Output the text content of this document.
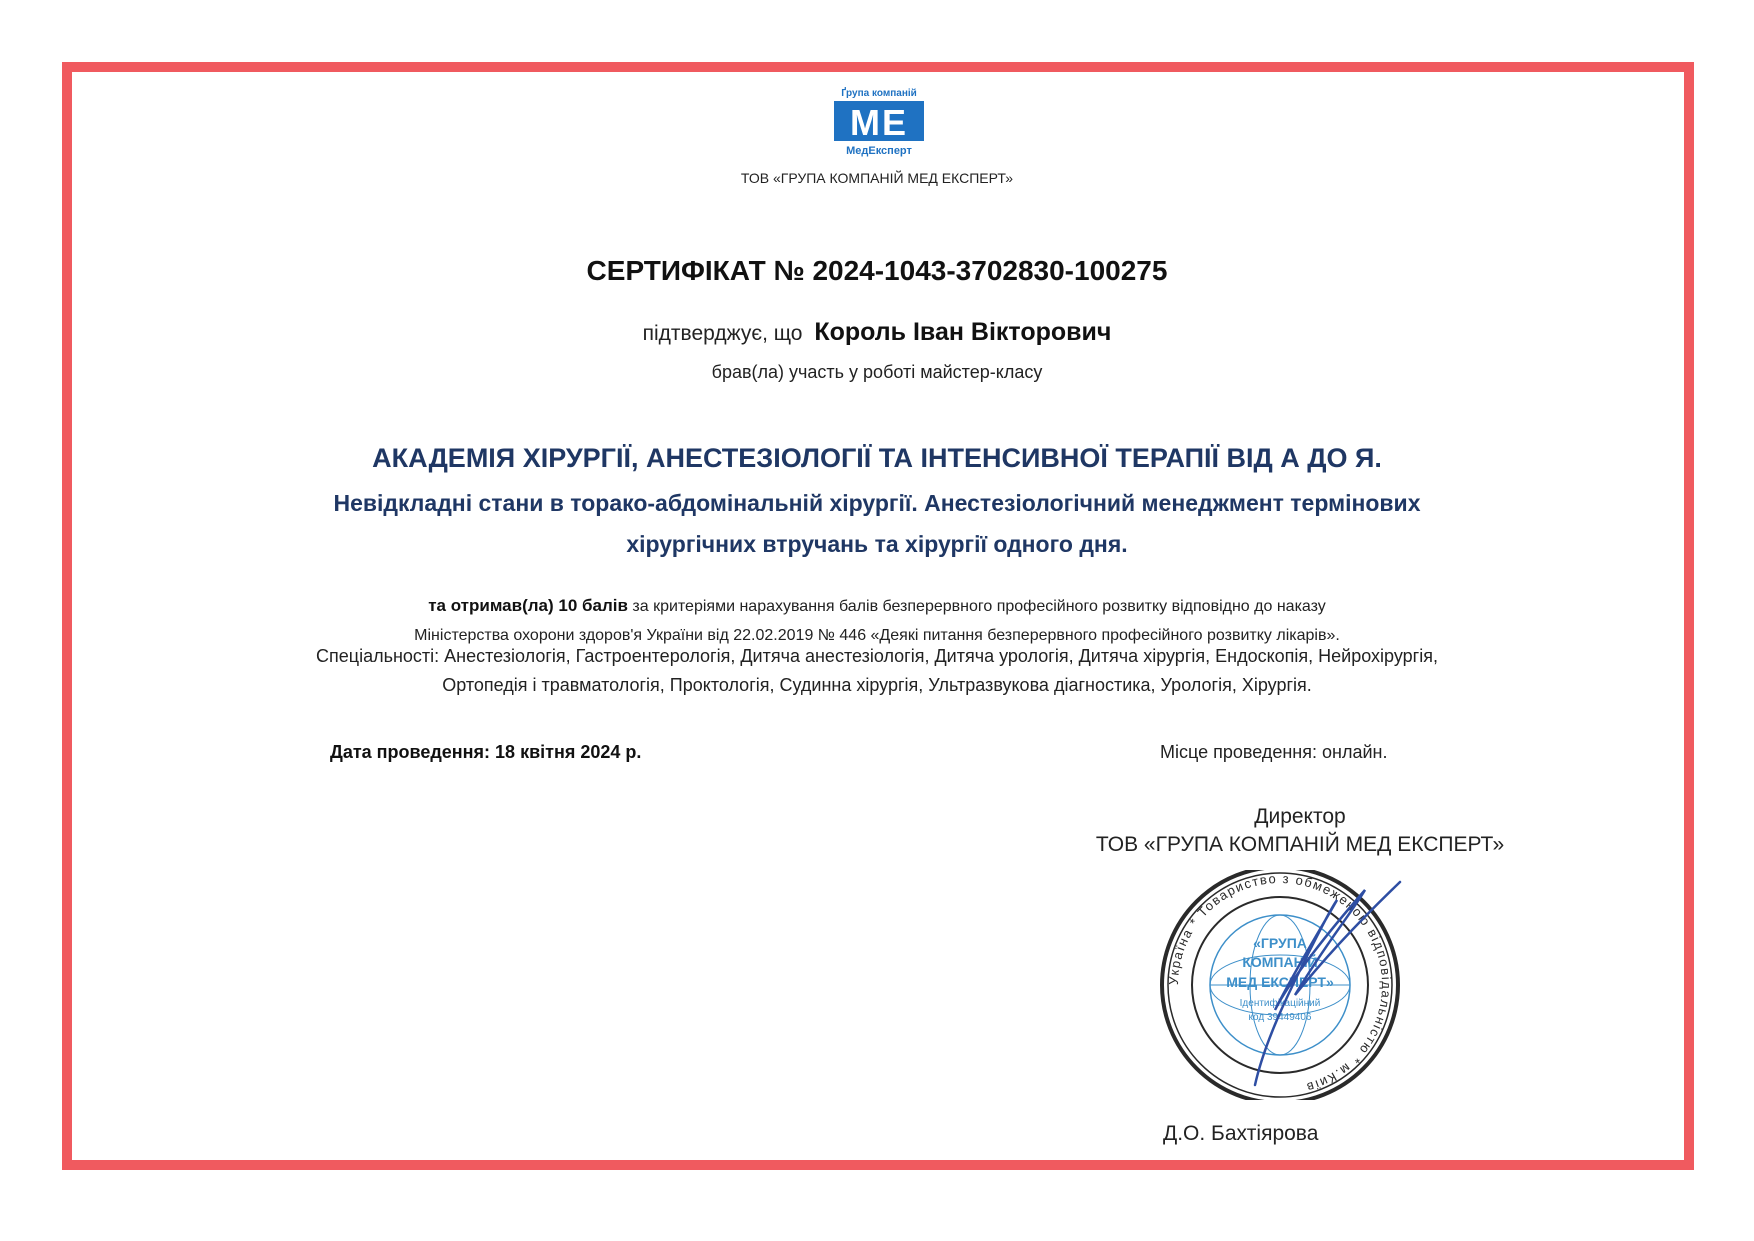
Ґрупа компаній
МЕ
МедЕксперт
ТОВ «ГРУПА КОМПАНІЙ МЕД ЕКСПЕРТ»
СЕРТИФІКАТ № 2024-1043-3702830-100275
підтверджує, що Король Іван Вікторович
брав(ла) участь у роботі майстер-класу
АКАДЕМІЯ ХІРУРГІЇ, АНЕСТЕЗІОЛОГІЇ ТА ІНТЕНСИВНОЇ ТЕРАПІЇ ВІД А ДО Я.
Невідкладні стани в торако-абдомінальній хірургії. Анестезіологічний менеджмент термінових
хірургічних втручань та хірургії одного дня.
та отримав(ла) 10 балів за критеріями нарахування балів безперервного професійного розвитку відповідно до наказу
Міністерства охорони здоров'я України від 22.02.2019 № 446 «Деякі питання безперервного професійного розвитку лікарів».
Спеціальності: Анестезіологія, Гастроентерологія, Дитяча анестезіологія, Дитяча урологія, Дитяча хірургія, Ендоскопія, Нейрохірургія,
Ортопедія і травматологія, Проктологія, Судинна хірургія, Ультразвукова діагностика, Урологія, Хірургія.
Дата проведення: 18 квітня 2024 р.	Місце проведення: онлайн.
Директор
ТОВ «ГРУПА КОМПАНІЙ МЕД ЕКСПЕРТ»
Україна * Товариство з обмеженою відповідальністю * м.Київ
«ГРУПА
КОМПАНІЙ
МЕД ЕКСПЕРТ»
Ідентифікаційний
код 39449406
Д.О. Бахтіярова
